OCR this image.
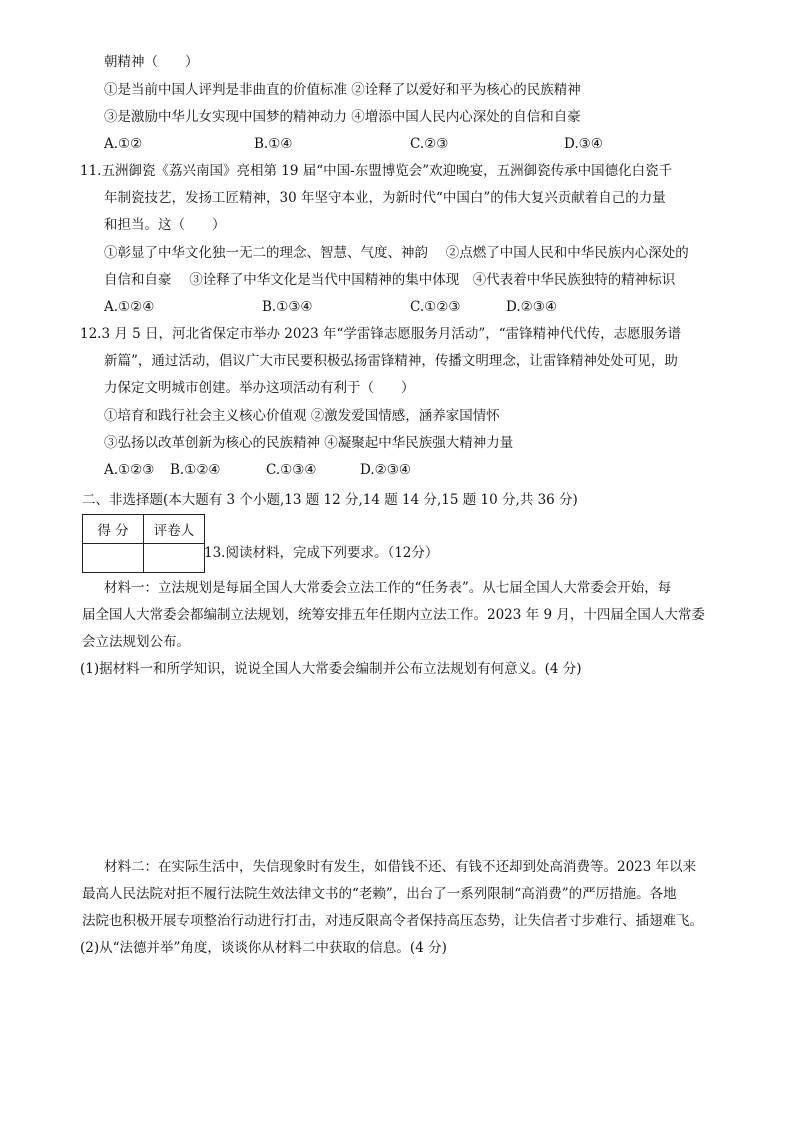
朝精神（　　）
①是当前中国人评判是非曲直的价值标准 ②诠释了以爱好和平为核心的民族精神
③是激励中华儿女实现中国梦的精神动力 ④增添中国人民内心深处的自信和自豪
A.①②	B.①④	C.②③	D.③④
11.五洲御瓷《荔兴南国》亮相第 19 届“中国-东盟博览会”欢迎晚宴，五洲御瓷传承中国德化白瓷千
年制瓷技艺，发扬工匠精神，30 年坚守本业，为新时代“中国白”的伟大复兴贡献着自己的力量
和担当。这（　　）
①彰显了中华文化独一无二的理念、智慧、气度、神韵　 ②点燃了中国人民和中华民族内心深处的
自信和自豪　 ③诠释了中华文化是当代中国精神的集中体现　④代表着中华民族独特的精神标识
A.①②④	B.①③④	C.①②③	D.②③④
12.3 月 5 日，河北省保定市举办 2023 年“学雷锋志愿服务月活动”，“雷锋精神代代传，志愿服务谱
新篇”，通过活动，倡议广大市民要积极弘扬雷锋精神，传播文明理念，让雷锋精神处处可见，助
力保定文明城市创建。举办这项活动有利于（　　）
①培育和践行社会主义核心价值观 ②激发爱国情感，涵养家国情怀
③弘扬以改革创新为核心的民族精神 ④凝聚起中华民族强大精神力量
A.①②③ B.①②④	C.①③④	D.②③④
二、非选择题(本大题有 3 个小题,13 题 12 分,14 题 14 分,15 题 10 分,共 36 分)
得 分	评卷人

13.阅读材料，完成下列要求。（12分）
材料一：立法规划是每届全国人大常委会立法工作的“任务表”。从七届全国人大常委会开始，每
届全国人大常委会都编制立法规划，统筹安排五年任期内立法工作。2023 年 9 月，十四届全国人大常委
会立法规划公布。
(1)据材料一和所学知识，说说全国人大常委会编制并公布立法规划有何意义。(4 分)
材料二：在实际生活中，失信现象时有发生，如借钱不还、有钱不还却到处高消费等。2023 年以来
最高人民法院对拒不履行法院生效法律文书的“老赖”，出台了一系列限制“高消费”的严厉措施。各地
法院也积极开展专项整治行动进行打击，对违反限高令者保持高压态势，让失信者寸步难行、插翅难飞。
(2)从“法德并举”角度，谈谈你从材料二中获取的信息。(4 分)
